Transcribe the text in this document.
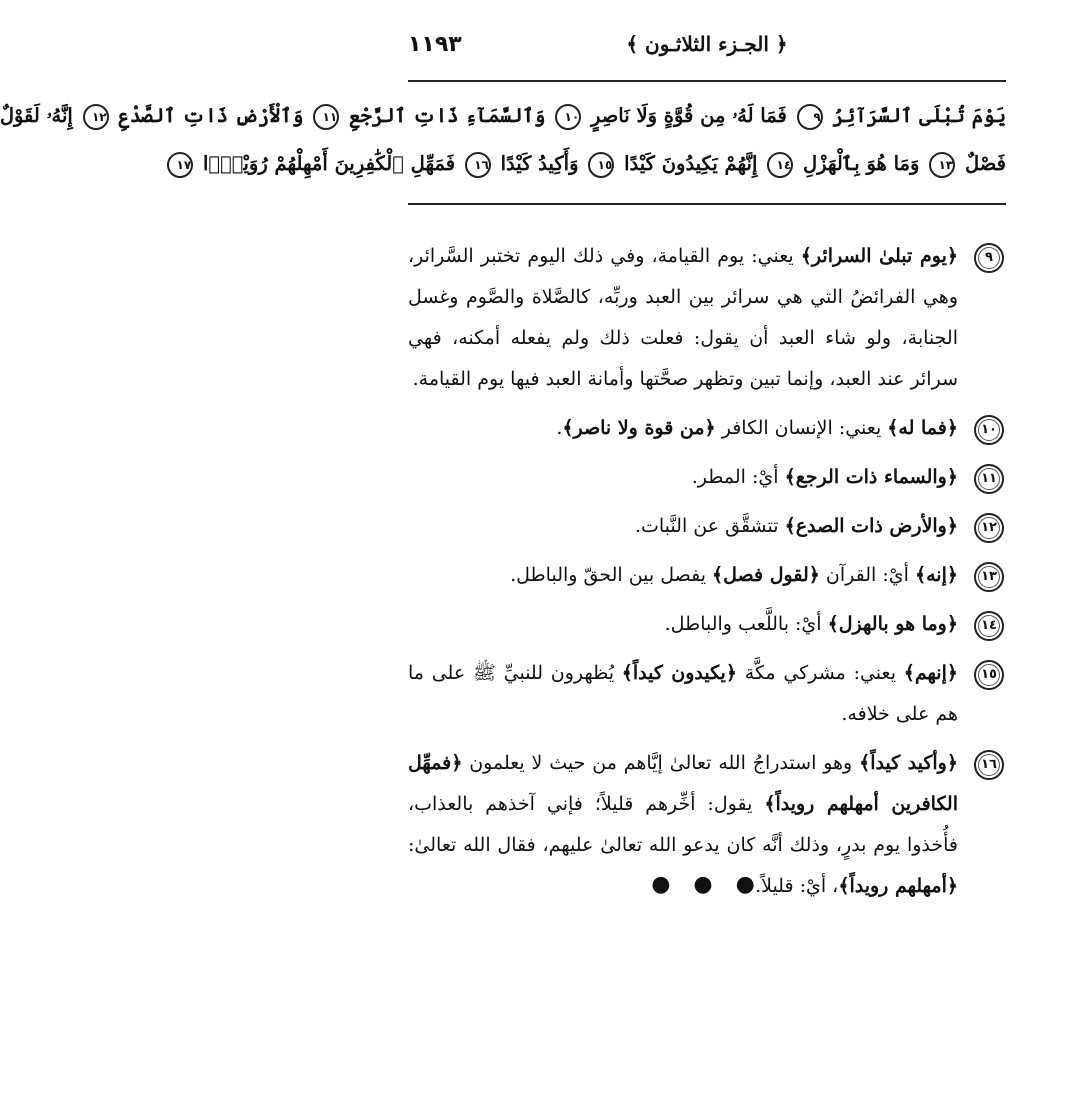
١١٩٣	﴿ الجـزء الثلاثـون ﴾
يَوْمَ تُبْلَى ٱلسَّرَآئِرُ ٩ فَمَا لَهُۥ مِن قُوَّةٍ وَلَا نَاصِرٍ ١٠ وَٱلسَّمَآءِ ذَاتِ ٱلرَّجْعِ ١١ وَٱلْأَرْضِ ذَاتِ ٱلصَّدْعِ ١٢ إِنَّهُۥ لَقَوْلٌ
فَصْلٌ ١٣ وَمَا هُوَ بِٱلْهَزْلِ ١٤ إِنَّهُمْ يَكِيدُونَ كَيْدًا ١٥ وَأَكِيدُ كَيْدًا ١٦ فَمَهِّلِ ٱلْكَٰفِرِينَ أَمْهِلْهُمْ رُوَيْدًۢا ١٧
٩
﴿يوم تبلىٰ السرائر﴾ يعني: يوم القيامة، وفي ذلك اليوم تختبر السَّرائر، وهي الفرائضُ التي هي سرائر بين العبد وربِّه، كالصَّلاة والصَّوم وغسل الجنابة، ولو شاء العبد أن يقول: فعلت ذلك ولم يفعله أمكنه، فهي سرائر عند العبد، وإنما تبين وتظهر صحَّتها وأمانة العبد فيها يوم القيامة.
١٠
﴿فما له﴾ يعني: الإنسان الكافر ﴿من قوة ولا ناصر﴾.
١١
﴿والسماء ذات الرجع﴾ أيْ: المطر.
١٢
﴿والأرض ذات الصدع﴾ تتشقَّق عن النَّبات.
١٣
﴿إنه﴾ أيْ: القرآن ﴿لقول فصل﴾ يفصل بين الحقّ والباطل.
١٤
﴿وما هو بالهزل﴾ أيْ: باللَّعب والباطل.
١٥
﴿إنهم﴾ يعني: مشركي مكَّة ﴿يكيدون كيداً﴾ يُظهرون للنبيِّ ﷺ على ما هم على خلافه.
١٦
﴿وأكيد كيداً﴾ وهو استدراجُ الله تعالىٰ إيَّاهم من حيث لا يعلمون ﴿فمهِّل الكافرين أمهلهم رويداً﴾ يقول: أخِّرهم قليلاً؛ فإني آخذهم بالعذاب، فأُخذوا يوم بدرٍ، وذلك أنَّه كان يدعو الله تعالىٰ عليهم، فقال الله تعالىٰ: ﴿أمهلهم رويداً﴾، أيْ: قليلاً.
● ● ●
